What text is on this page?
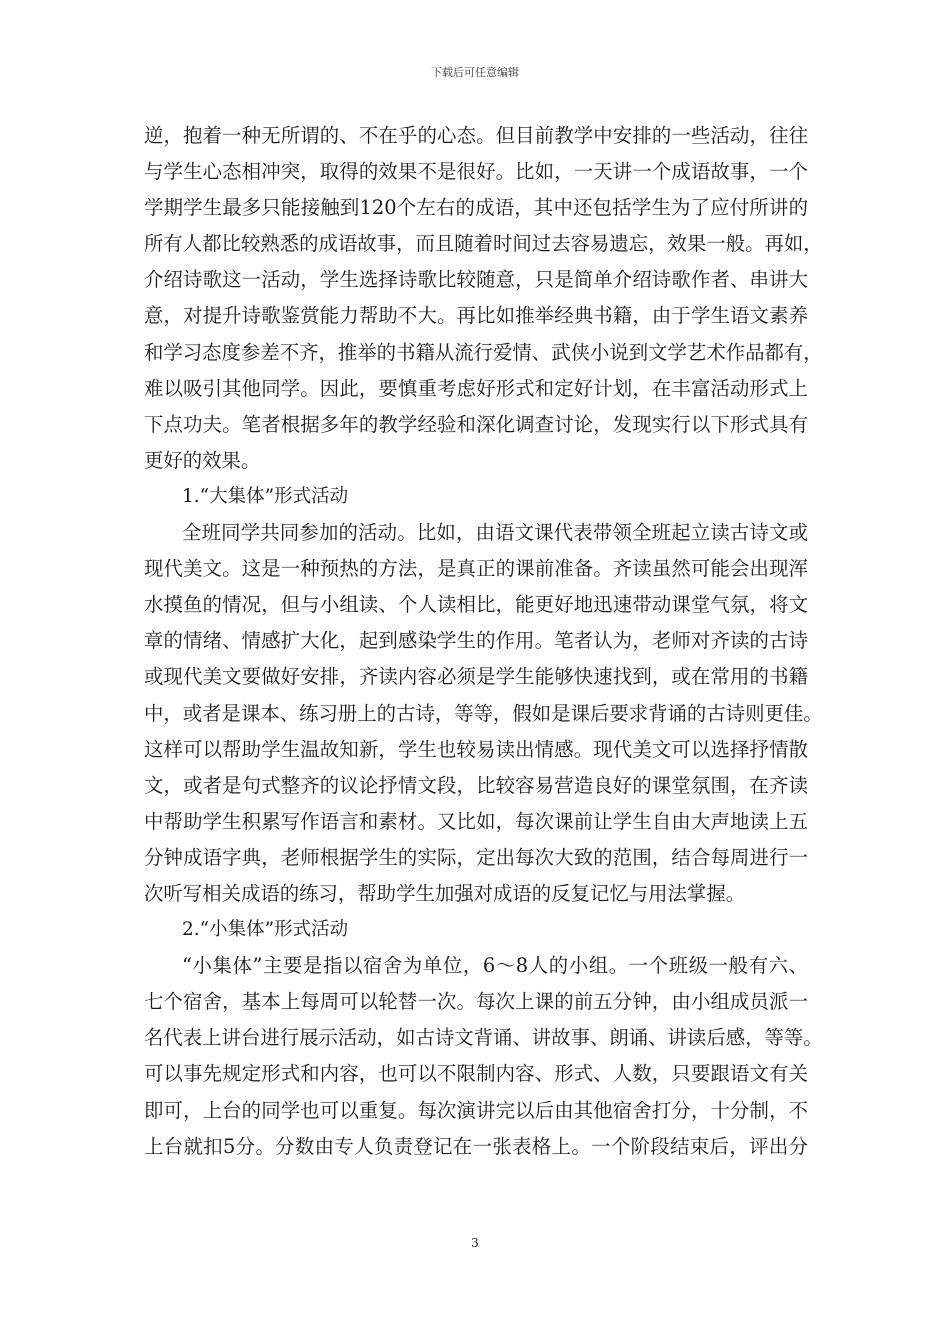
下载后可任意编辑
逆，抱着一种无所谓的、不在乎的心态。但目前教学中安排的一些活动，往往
与学生心态相冲突，取得的效果不是很好。比如，一天讲一个成语故事，一个
学期学生最多只能接触到120个左右的成语，其中还包括学生为了应付所讲的
所有人都比较熟悉的成语故事，而且随着时间过去容易遗忘，效果一般。再如，
介绍诗歌这一活动，学生选择诗歌比较随意，只是简单介绍诗歌作者、串讲大
意，对提升诗歌鉴赏能力帮助不大。再比如推举经典书籍，由于学生语文素养
和学习态度参差不齐，推举的书籍从流行爱情、武侠小说到文学艺术作品都有，
难以吸引其他同学。因此，要慎重考虑好形式和定好计划，在丰富活动形式上
下点功夫。笔者根据多年的教学经验和深化调查讨论，发现实行以下形式具有
更好的效果。
1.“大集体”形式活动
全班同学共同参加的活动。比如，由语文课代表带领全班起立读古诗文或
现代美文。这是一种预热的方法，是真正的课前准备。齐读虽然可能会出现浑
水摸鱼的情况，但与小组读、个人读相比，能更好地迅速带动课堂气氛，将文
章的情绪、情感扩大化，起到感染学生的作用。笔者认为，老师对齐读的古诗
或现代美文要做好安排，齐读内容必须是学生能够快速找到，或在常用的书籍
中，或者是课本、练习册上的古诗，等等，假如是课后要求背诵的古诗则更佳。
这样可以帮助学生温故知新，学生也较易读出情感。现代美文可以选择抒情散
文，或者是句式整齐的议论抒情文段，比较容易营造良好的课堂氛围，在齐读
中帮助学生积累写作语言和素材。又比如，每次课前让学生自由大声地读上五
分钟成语字典，老师根据学生的实际，定出每次大致的范围，结合每周进行一
次听写相关成语的练习，帮助学生加强对成语的反复记忆与用法掌握。
2.“小集体”形式活动
“小集体”主要是指以宿舍为单位，6～8人的小组。一个班级一般有六、
七个宿舍，基本上每周可以轮替一次。每次上课的前五分钟，由小组成员派一
名代表上讲台进行展示活动，如古诗文背诵、讲故事、朗诵、讲读后感，等等。
可以事先规定形式和内容，也可以不限制内容、形式、人数，只要跟语文有关
即可，上台的同学也可以重复。每次演讲完以后由其他宿舍打分，十分制，不
上台就扣5分。分数由专人负责登记在一张表格上。一个阶段结束后，评出分
3
